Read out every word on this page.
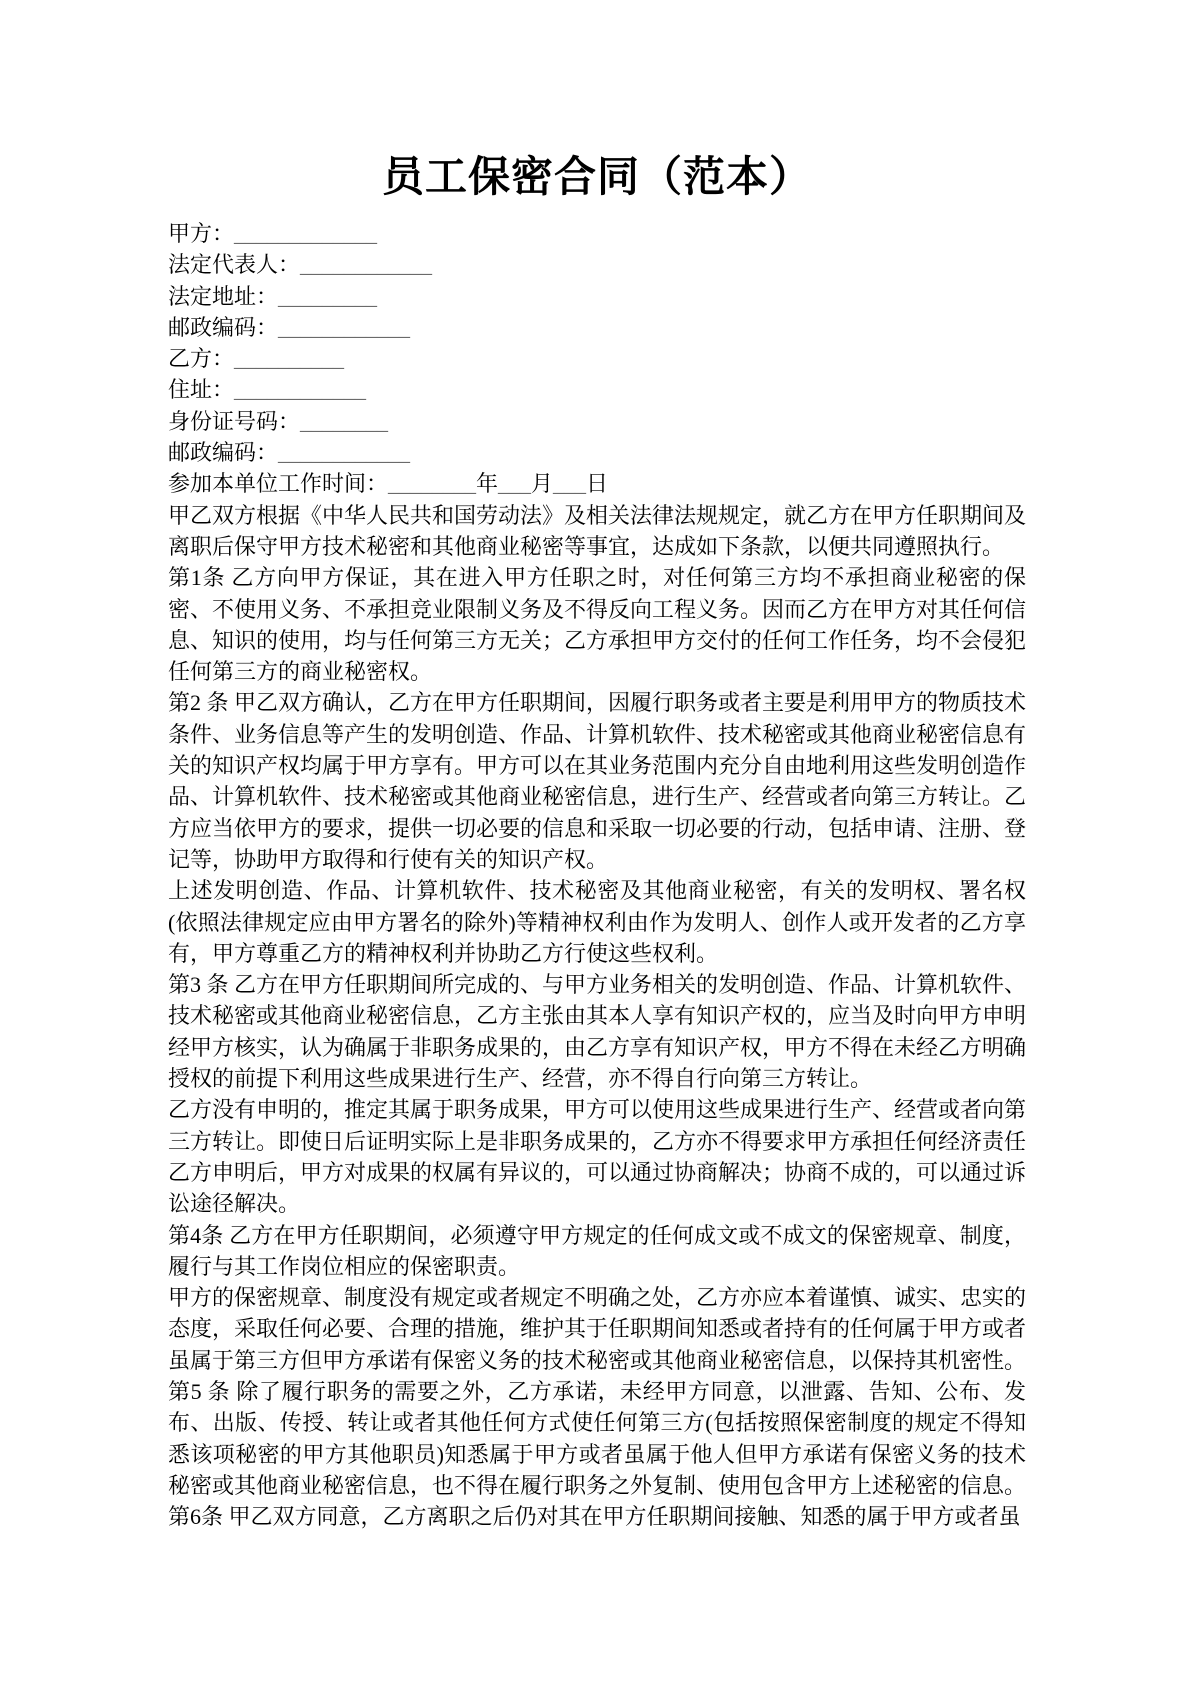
员工保密合同（范本）

甲方：_____________

法定代表人：____________

法定地址：_________

邮政编码：____________

乙方：__________

住址：____________

身份证号码：________

邮政编码：____________

参加本单位工作时间：________年___月___日

甲乙双方根据《中华人民共和国劳动法》及相关法律法规规定，就乙方在甲方任职期间及离职后保守甲方技术秘密和其他商业秘密等事宜，达成如下条款，以便共同遵照执行。

第1条 乙方向甲方保证，其在进入甲方任职之时，对任何第三方均不承担商业秘密的保密、不使用义务、不承担竞业限制义务及不得反向工程义务。因而乙方在甲方对其任何信息、知识的使用，均与任何第三方无关；乙方承担甲方交付的任何工作任务，均不会侵犯任何第三方的商业秘密权。

第2 条 甲乙双方确认，乙方在甲方任职期间，因履行职务或者主要是利用甲方的物质技术条件、业务信息等产生的发明创造、作品、计算机软件、技术秘密或其他商业秘密信息有关的知识产权均属于甲方享有。甲方可以在其业务范围内充分自由地利用这些发明创造作品、计算机软件、技术秘密或其他商业秘密信息，进行生产、经营或者向第三方转让。乙方应当依甲方的要求，提供一切必要的信息和采取一切必要的行动，包括申请、注册、登记等，协助甲方取得和行使有关的知识产权。

上述发明创造、作品、计算机软件、技术秘密及其他商业秘密，有关的发明权、署名权(依照法律规定应由甲方署名的除外)等精神权利由作为发明人、创作人或开发者的乙方享有，甲方尊重乙方的精神权利并协助乙方行使这些权利。

第3 条 乙方在甲方任职期间所完成的、与甲方业务相关的发明创造、作品、计算机软件、技术秘密或其他商业秘密信息，乙方主张由其本人享有知识产权的，应当及时向甲方申明经甲方核实，认为确属于非职务成果的，由乙方享有知识产权，甲方不得在未经乙方明确授权的前提下利用这些成果进行生产、经营，亦不得自行向第三方转让。

乙方没有申明的，推定其属于职务成果，甲方可以使用这些成果进行生产、经营或者向第三方转让。即使日后证明实际上是非职务成果的，乙方亦不得要求甲方承担任何经济责任

乙方申明后，甲方对成果的权属有异议的，可以通过协商解决；协商不成的，可以通过诉讼途径解决。

第4条 乙方在甲方任职期间，必须遵守甲方规定的任何成文或不成文的保密规章、制度，履行与其工作岗位相应的保密职责。

甲方的保密规章、制度没有规定或者规定不明确之处，乙方亦应本着谨慎、诚实、忠实的态度，采取任何必要、合理的措施，维护其于任职期间知悉或者持有的任何属于甲方或者虽属于第三方但甲方承诺有保密义务的技术秘密或其他商业秘密信息，以保持其机密性。

第5 条 除了履行职务的需要之外，乙方承诺，未经甲方同意，以泄露、告知、公布、发布、出版、传授、转让或者其他任何方式使任何第三方(包括按照保密制度的规定不得知悉该项秘密的甲方其他职员)知悉属于甲方或者虽属于他人但甲方承诺有保密义务的技术秘密或其他商业秘密信息，也不得在履行职务之外复制、使用包含甲方上述秘密的信息。

第6条 甲乙双方同意，乙方离职之后仍对其在甲方任职期间接触、知悉的属于甲方或者虽
